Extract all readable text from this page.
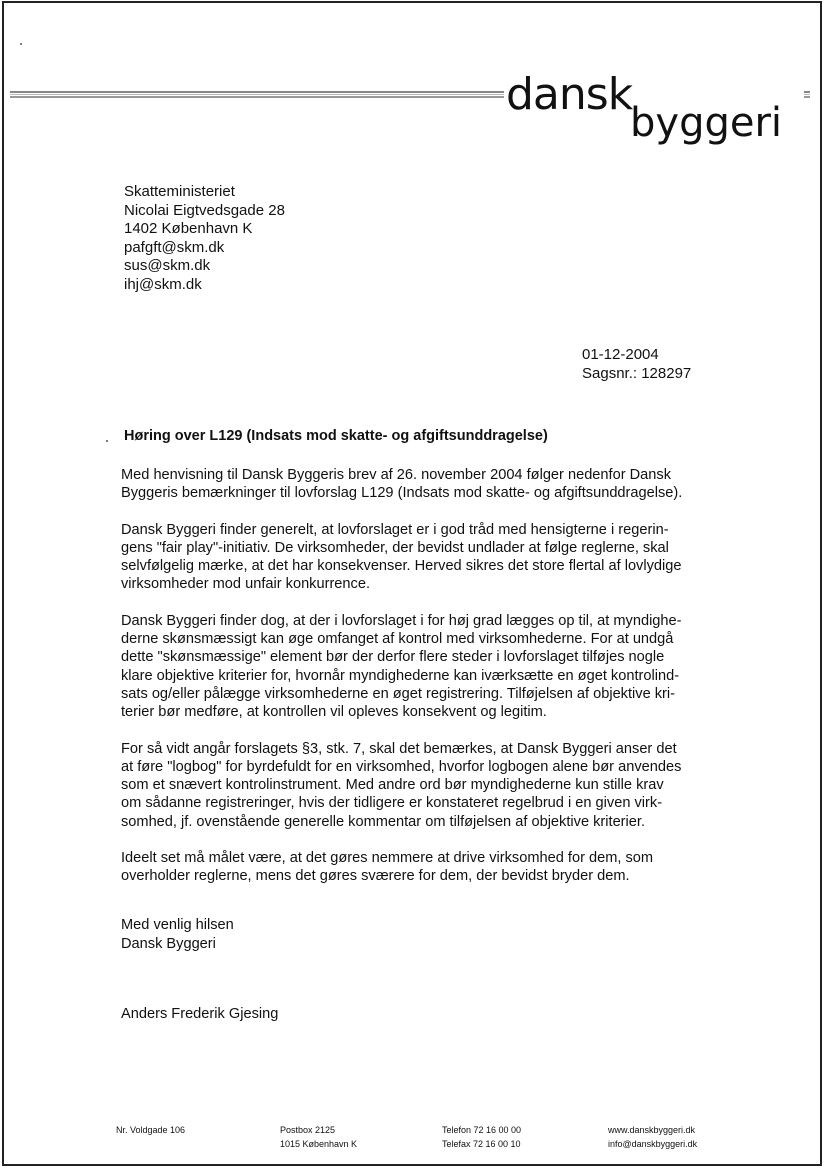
dansk
byggeri
Skatteministeriet
Nicolai Eigtvedsgade 28
1402 København K
pafgft@skm.dk
sus@skm.dk
ihj@skm.dk
01-12-2004
Sagsnr.: 128297
Høring over L129 (Indsats mod skatte- og afgiftsunddragelse)

Med henvisning til Dansk Byggeris brev af 26. november 2004 følger nedenfor Dansk
Byggeris bemærkninger til lovforslag L129 (Indsats mod skatte- og afgiftsunddragelse).

Dansk Byggeri finder generelt, at lovforslaget er i god tråd med hensigterne i regerin-
gens "fair play"-initiativ. De virksomheder, der bevidst undlader at følge reglerne, skal
selvfølgelig mærke, at det har konsekvenser. Herved sikres det store flertal af lovlydige
virksomheder mod unfair konkurrence.

Dansk Byggeri finder dog, at der i lovforslaget i for høj grad lægges op til, at myndighe-
derne skønsmæssigt kan øge omfanget af kontrol med virksomhederne. For at undgå
dette "skønsmæssige" element bør der derfor flere steder i lovforslaget tilføjes nogle
klare objektive kriterier for, hvornår myndighederne kan iværksætte en øget kontrolind-
sats og/eller pålægge virksomhederne en øget registrering. Tilføjelsen af objektive kri-
terier bør medføre, at kontrollen vil opleves konsekvent og legitim.

For så vidt angår forslagets §3, stk. 7, skal det bemærkes, at Dansk Byggeri anser det
at føre "logbog" for byrdefuldt for en virksomhed, hvorfor logbogen alene bør anvendes
som et snævert kontrolinstrument. Med andre ord bør myndighederne kun stille krav
om sådanne registreringer, hvis der tidligere er konstateret regelbrud i en given virk-
somhed, jf. ovenstående generelle kommentar om tilføjelsen af objektive kriterier.

Ideelt set må målet være, at det gøres nemmere at drive virksomhed for dem, som
overholder reglerne, mens det gøres sværere for dem, der bevidst bryder dem.

Med venlig hilsen
Dansk Byggeri
Anders Frederik Gjesing
Nr. Voldgade 106	Postbox 2125
1015 København K
Telefon 72 16 00 00
Telefax 72 16 00 10
www.danskbyggeri.dk
info@danskbyggeri.dk
